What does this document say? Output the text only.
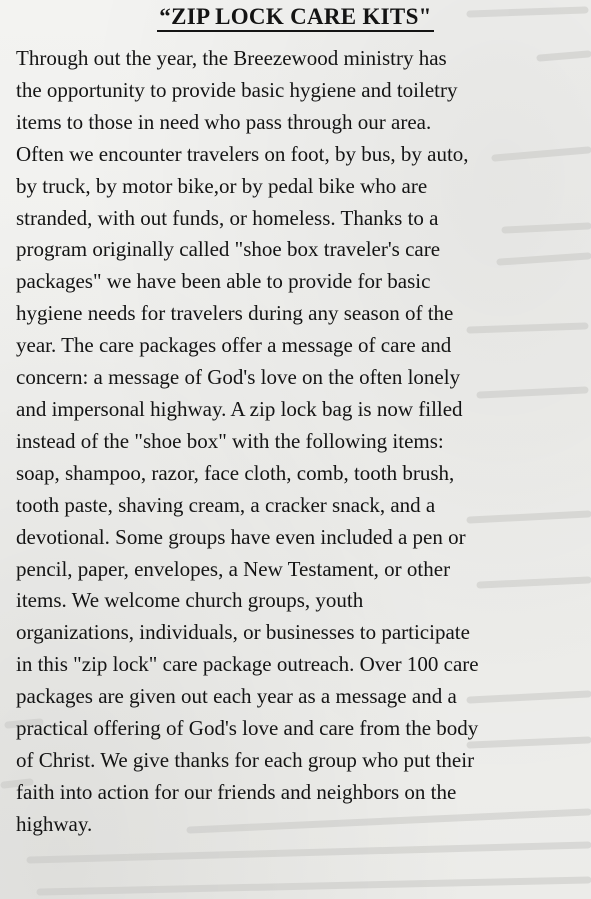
“ZIP LOCK CARE KITS"
Through out the year, the Breezewood ministry has
the opportunity to provide basic hygiene and toiletry
items to those in need who pass through our area.
Often we encounter travelers on foot, by bus, by auto,
by truck, by motor bike,or by pedal bike who are
stranded, with out funds, or homeless. Thanks to a
program originally called "shoe box traveler's care
packages" we have been able to provide for basic
hygiene needs for travelers during any season of the
year. The care packages offer a message of care and
concern: a message of God's love on the often lonely
and impersonal highway. A zip lock bag is now filled
instead of the "shoe box" with the following items:
soap, shampoo, razor, face cloth, comb, tooth brush,
tooth paste, shaving cream, a cracker snack, and a
devotional. Some groups have even included a pen or
pencil, paper, envelopes, a New Testament, or other
items. We welcome church groups, youth
organizations, individuals, or businesses to participate
in this "zip lock" care package outreach. Over 100 care
packages are given out each year as a message and a
practical offering of God's love and care from the body
of Christ. We give thanks for each group who put their
faith into action for our friends and neighbors on the
highway.
